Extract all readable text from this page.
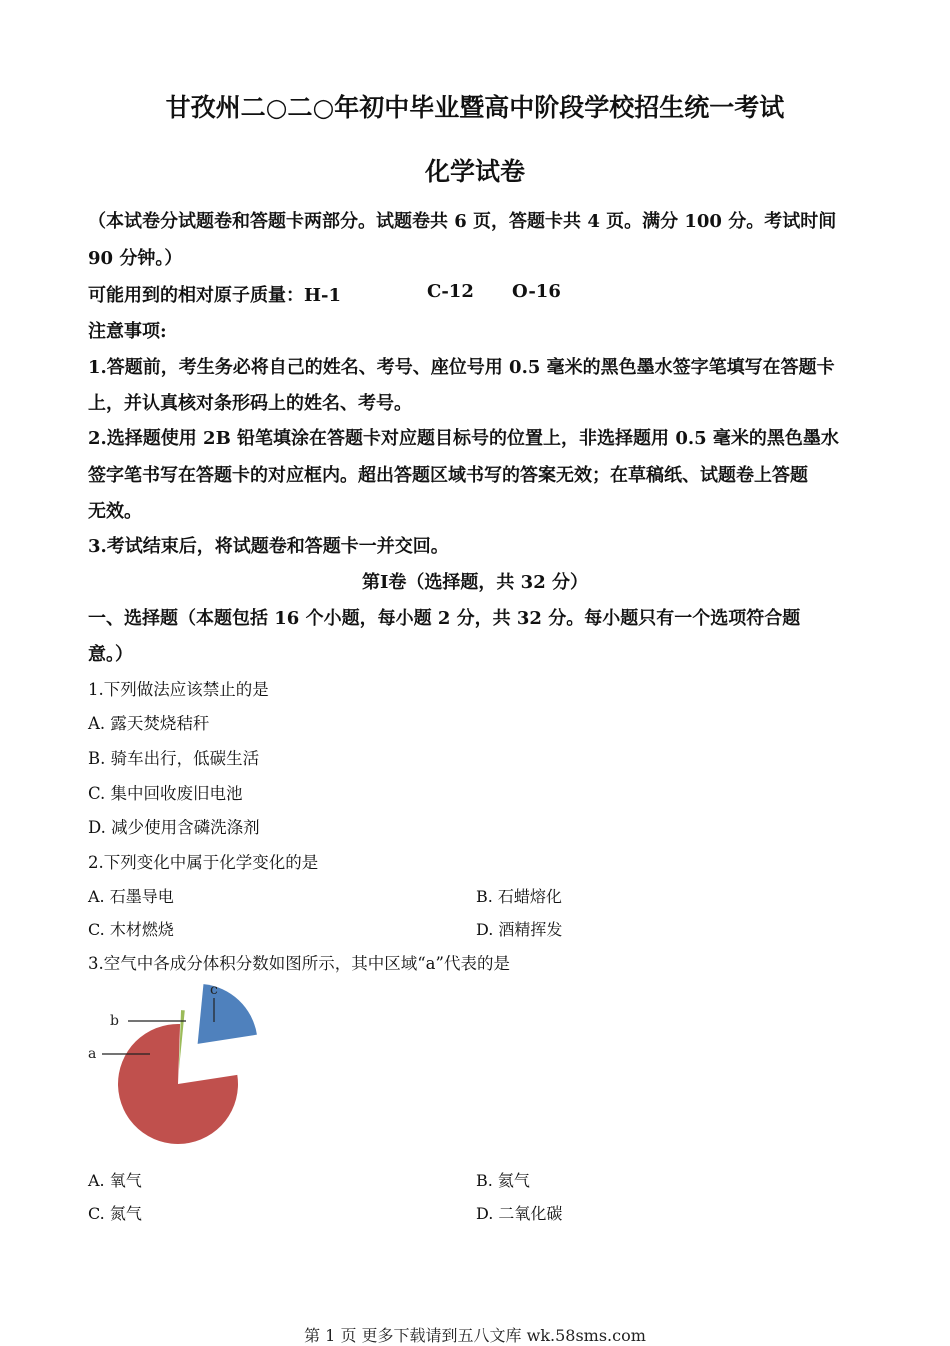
甘孜州二○二○年初中毕业暨高中阶段学校招生统一考试
化学试卷
（本试卷分试题卷和答题卡两部分。试题卷共 6 页，答题卡共 4 页。满分 100 分。考试时间
90 分钟。）
可能用到的相对原子质量：H-1	C-12 O-16
注意事项:
1.答题前，考生务必将自己的姓名、考号、座位号用 0.5 毫米的黑色墨水签字笔填写在答题卡
上，并认真核对条形码上的姓名、考号。
2.选择题使用 2B 铅笔填涂在答题卡对应题目标号的位置上，非选择题用 0.5 毫米的黑色墨水
签字笔书写在答题卡的对应框内。超出答题区域书写的答案无效；在草稿纸、试题卷上答题
无效。
3.考试结束后，将试题卷和答题卡一并交回。
第Ⅰ卷（选择题，共 32 分）
一、选择题（本题包括 16 个小题，每小题 2 分，共 32 分。每小题只有一个选项符合题
意。）
1.下列做法应该禁止的是
A. 露天焚烧秸秆
B. 骑车出行，低碳生活
C. 集中回收废旧电池
D. 减少使用含磷洗涤剂
2.下列变化中属于化学变化的是
A. 石墨导电	B. 石蜡熔化
C. 木材燃烧	D. 酒精挥发
3.空气中各成分体积分数如图所示，其中区域“a”代表的是
a
b
c
A. 氧气	B. 氦气
C. 氮气	D. 二氧化碳
第 1 页 更多下载请到五八文库 wk.58sms.com
